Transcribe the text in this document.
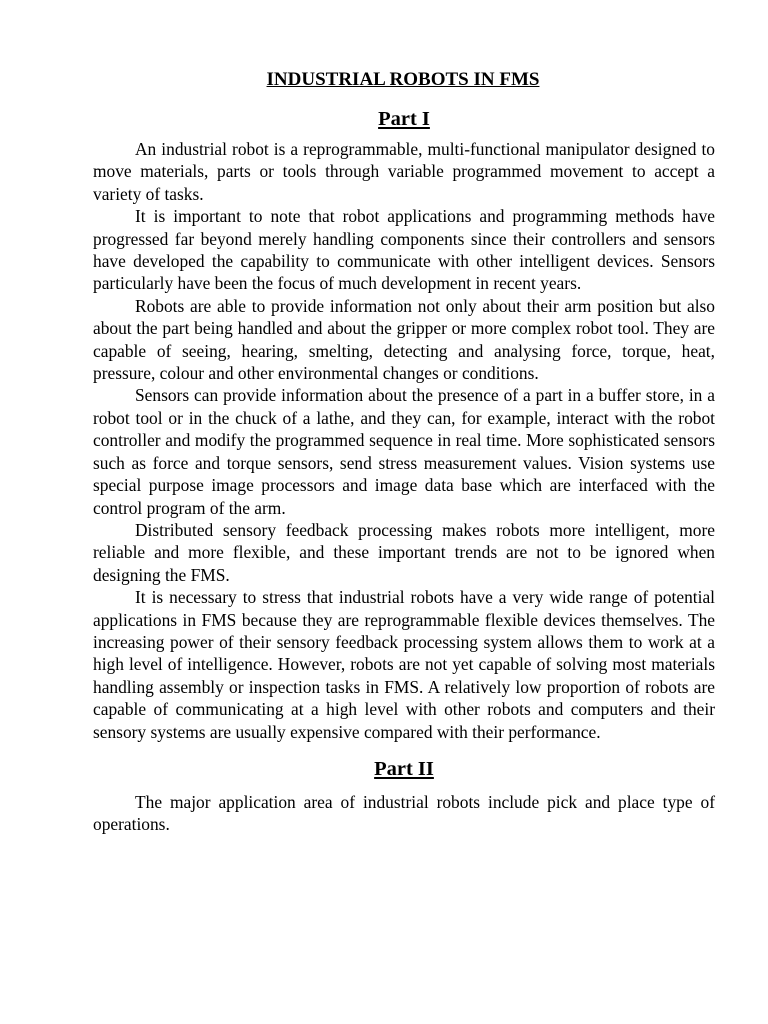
INDUSTRIAL ROBOTS IN FMS
Part I

An industrial robot is a reprogrammable, multi-functional manipulator designed to move materials, parts or tools through variable programmed movement to accept a variety of tasks.

It is important to note that robot applications and programming methods have progressed far beyond merely handling components since their controllers and sensors have developed the capability to communicate with other intelligent devices. Sensors particularly have been the focus of much development in recent years.

Robots are able to provide information not only about their arm position but also about the part being handled and about the gripper or more complex robot tool. They are capable of seeing, hearing, smelting, detecting and analysing force, torque, heat, pressure, colour and other environmental changes or conditions.

Sensors can provide information about the presence of a part in a buffer store, in a robot tool or in the chuck of a lathe, and they can, for example, interact with the robot controller and modify the programmed sequence in real time. More sophisticated sensors such as force and torque sensors, send stress measurement values. Vision systems use special purpose image processors and image data base which are interfaced with the control program of the arm.

Distributed sensory feedback processing makes robots more intelligent, more reliable and more flexible, and these important trends are not to be ignored when designing the FMS.

It is necessary to stress that industrial robots have a very wide range of potential applications in FMS because they are reprogrammable flexible devices themselves. The increasing power of their sensory feedback processing system allows them to work at a high level of intelligence. However, robots are not yet capable of solving most materials handling assembly or inspection tasks in FMS. A relatively low proportion of robots are capable of communicating at a high level with other robots and computers and their sensory systems are usually expensive compared with their performance.

Part II

The major application area of industrial robots include pick and place type of operations.
